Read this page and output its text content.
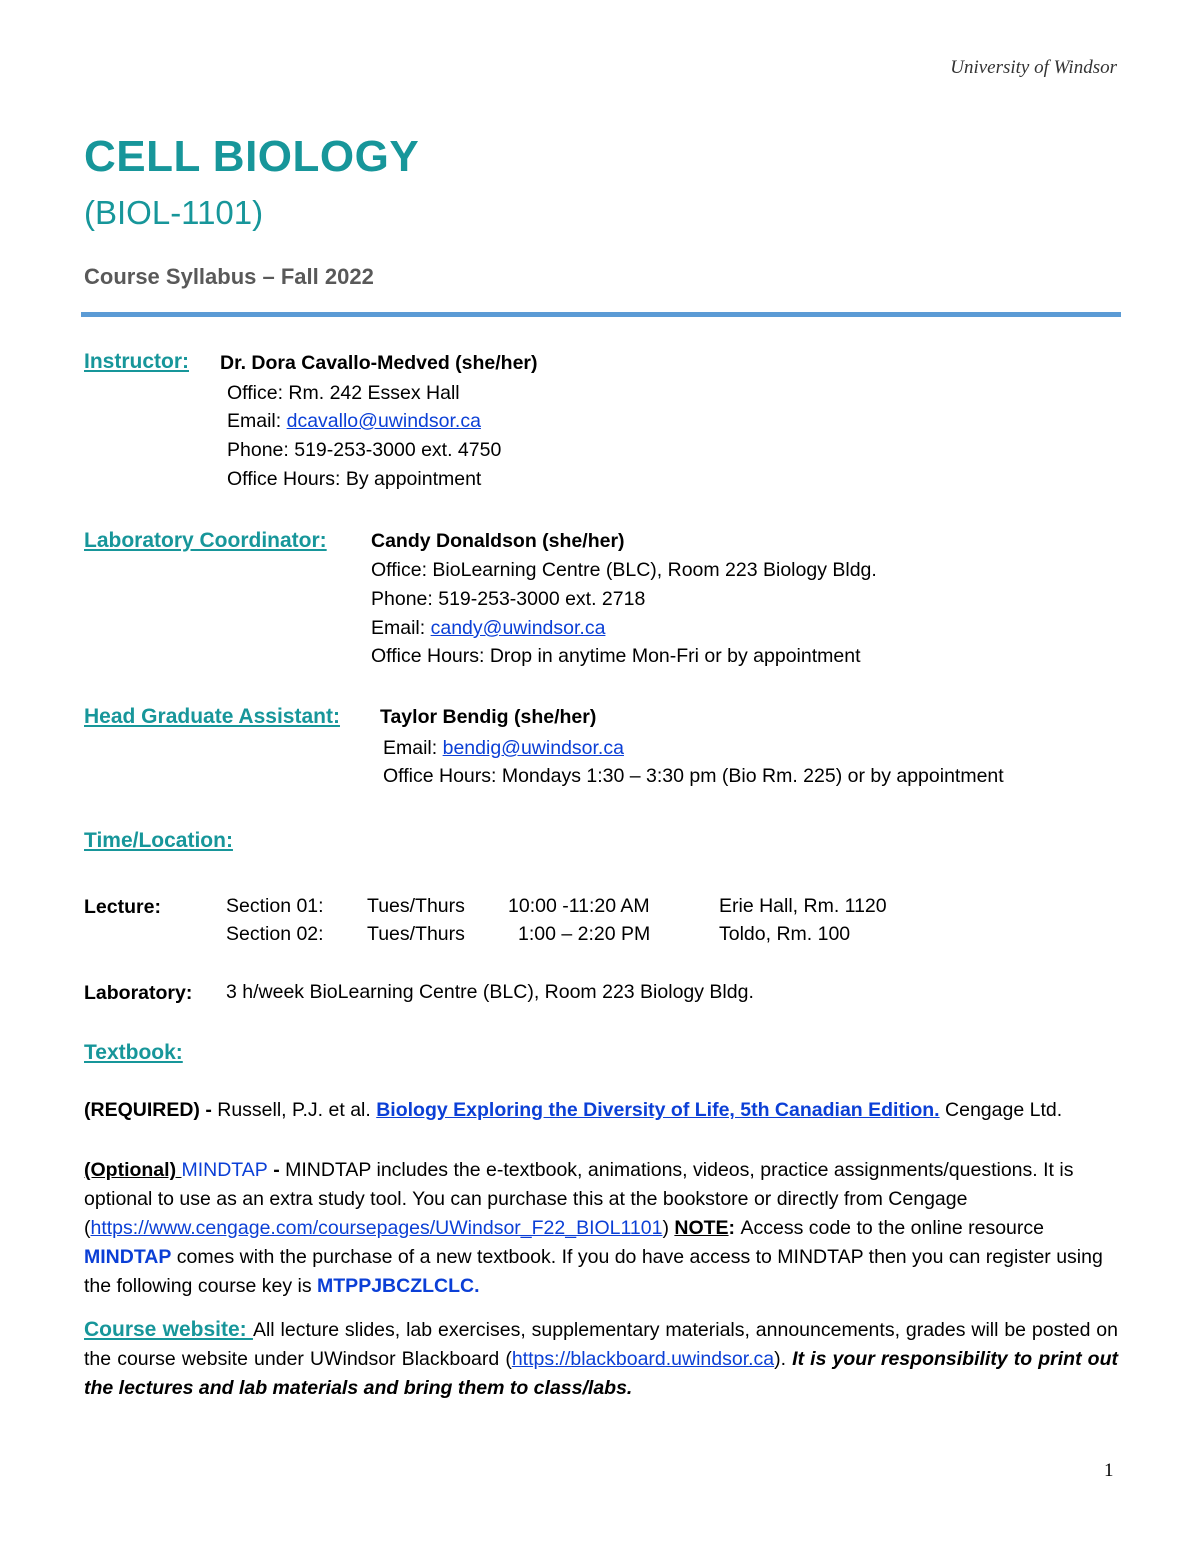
University of Windsor
CELL BIOLOGY
(BIOL-1101)
Course Syllabus – Fall 2022
Instructor: Dr. Dora Cavallo-Medved (she/her)
Office: Rm. 242 Essex Hall
Email: dcavallo@uwindsor.ca
Phone: 519-253-3000 ext. 4750
Office Hours: By appointment
Laboratory Coordinator: Candy Donaldson (she/her)
Office: BioLearning Centre (BLC), Room 223 Biology Bldg.
Phone: 519-253-3000 ext. 2718
Email: candy@uwindsor.ca
Office Hours: Drop in anytime Mon-Fri or by appointment
Head Graduate Assistant: Taylor Bendig (she/her)
Email: bendig@uwindsor.ca
Office Hours: Mondays 1:30 – 3:30 pm (Bio Rm. 225) or by appointment
Time/Location:
Lecture:	Section 01: Tues/Thurs 10:00 -11:20 AM	Erie Hall, Rm. 1120
Section 02: Tues/Thurs	1:00 – 2:20 PM	Toldo, Rm. 100
Laboratory: 3 h/week BioLearning Centre (BLC), Room 223 Biology Bldg.
Textbook:
(REQUIRED) - Russell, P.J. et al. Biology Exploring the Diversity of Life, 5th Canadian Edition. Cengage Ltd.
(Optional) MINDTAP - MINDTAP includes the e-textbook, animations, videos, practice assignments/questions. It is optional to use as an extra study tool. You can purchase this at the bookstore or directly from Cengage (https://www.cengage.com/coursepages/UWindsor_F22_BIOL1101) NOTE: Access code to the online resource MINDTAP comes with the purchase of a new textbook. If you do have access to MINDTAP then you can register using the following course key is MTPPJBCZLCLC.
Course website: All lecture slides, lab exercises, supplementary materials, announcements, grades will be posted on the course website under UWindsor Blackboard (https://blackboard.uwindsor.ca). It is your responsibility to print out the lectures and lab materials and bring them to class/labs.
1
